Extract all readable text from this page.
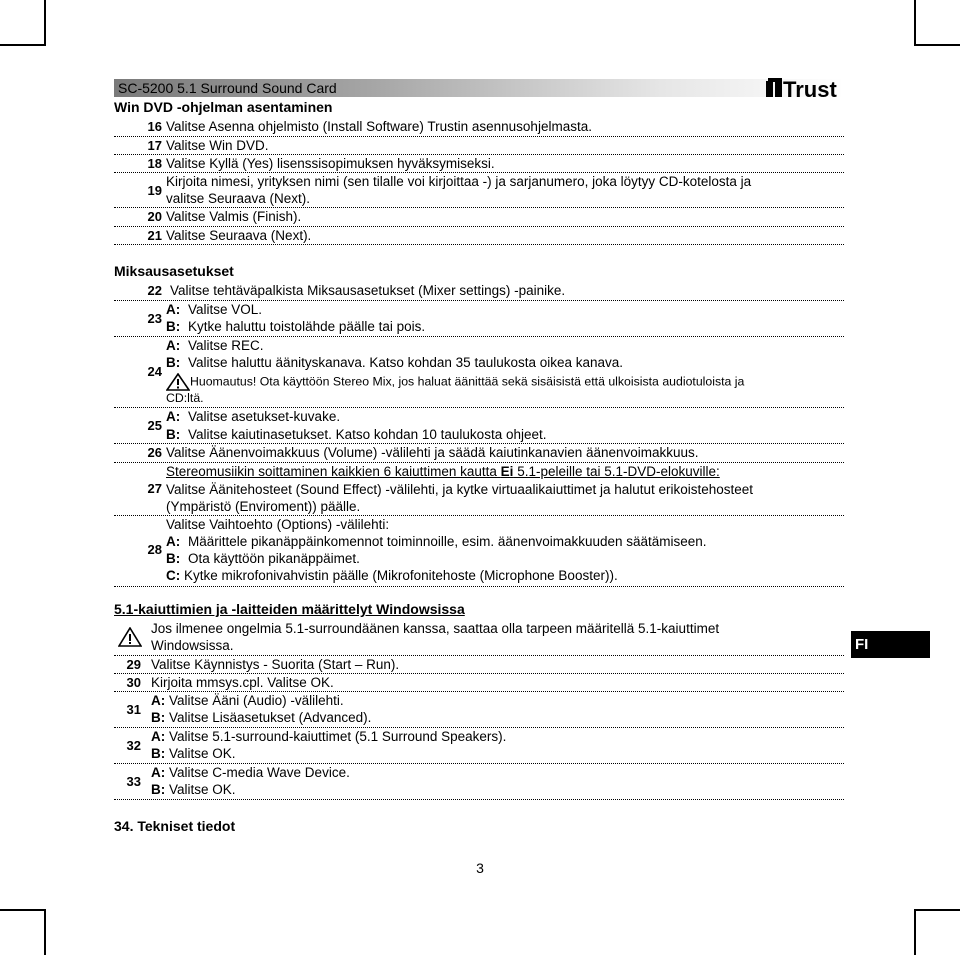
SC-5200 5.1 Surround Sound Card	Trust
Win DVD -ohjelman asentaminen
16 Valitse Asenna ohjelmisto (Install Software) Trustin asennusohjelmasta.
17 Valitse Win DVD.
18 Valitse Kyllä (Yes) lisenssisopimuksen hyväksymiseksi.
19
Kirjoita nimesi, yrityksen nimi (sen tilalle voi kirjoittaa -) ja sarjanumero, joka löytyy CD-kotelosta ja
valitse Seuraava (Next).
20 Valitse Valmis (Finish).
21 Valitse Seuraava (Next).
Miksausasetukset
22 Valitse tehtäväpalkista Miksausasetukset (Mixer settings) -painike.
23
A: Valitse VOL.
B: Kytke haluttu toistolähde päälle tai pois.
24
A: Valitse REC.
B: Valitse haluttu äänityskanava. Katso kohdan 35 taulukosta oikea kanava.
Huomautus! Ota käyttöön Stereo Mix, jos haluat äänittää sekä sisäisistä että ulkoisista audiotuloista ja
CD:ltä.
25
A: Valitse asetukset-kuvake.
B: Valitse kaiutinasetukset. Katso kohdan 10 taulukosta ohjeet.
26 Valitse Äänenvoimakkuus (Volume) -välilehti ja säädä kaiutinkanavien äänenvoimakkuus.
27
Stereomusiikin soittaminen kaikkien 6 kaiuttimen kautta Ei 5.1-peleille tai 5.1-DVD-elokuville:
Valitse Äänitehosteet (Sound Effect) -välilehti, ja kytke virtuaalikaiuttimet ja halutut erikoistehosteet
(Ympäristö (Enviroment)) päälle.
28
Valitse Vaihtoehto (Options) -välilehti:
A: Määrittele pikanäppäinkomennot toiminnoille, esim. äänenvoimakkuuden säätämiseen.
B: Ota käyttöön pikanäppäimet.
C: Kytke mikrofonivahvistin päälle (Mikrofonitehoste (Microphone Booster)).
5.1-kaiuttimien ja -laitteiden määrittelyt Windowsissa
Jos ilmenee ongelmia 5.1-surroundäänen kanssa, saattaa olla tarpeen määritellä 5.1-kaiuttimet
Windowsissa.
29 Valitse Käynnistys - Suorita (Start – Run).
30 Kirjoita mmsys.cpl. Valitse OK.
31
A: Valitse Ääni (Audio) -välilehti.
B: Valitse Lisäasetukset (Advanced).
32
A: Valitse 5.1-surround-kaiuttimet (5.1 Surround Speakers).
B: Valitse OK.
33
A: Valitse C-media Wave Device.
B: Valitse OK.
34. Tekniset tiedot
FI
3
